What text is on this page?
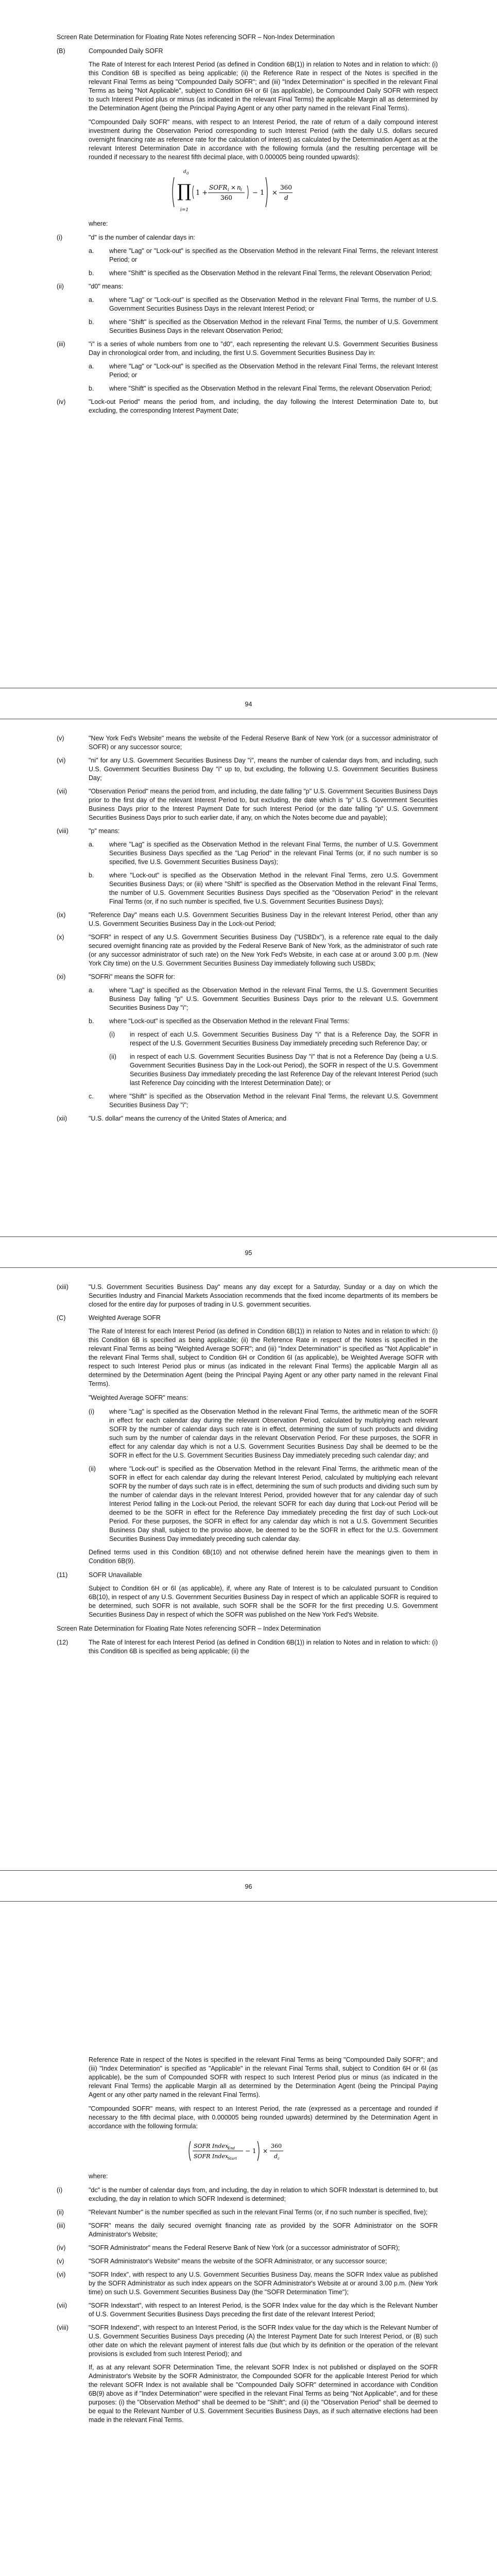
Screen Rate Determination for Floating Rate Notes referencing SOFR – Non-Index Determination

(B)	Compounded Daily SOFR

The Rate of Interest for each Interest Period (as defined in Condition 6B(1)) in relation to Notes and in relation to which: (i) this Condition 6B is specified as being applicable; (ii) the Reference Rate in respect of the Notes is specified in the relevant Final Terms as being "Compounded Daily SOFR"; and (iii) "Index Determination" is specified in the relevant Final Terms as being "Not Applicable", subject to Condition 6H or 6I (as applicable), be Compounded Daily SOFR with respect to such Interest Period plus or minus (as indicated in the relevant Final Terms) the applicable Margin all as determined by the Determination Agent (being the Principal Paying Agent or any other party named in the relevant Final Terms).

"Compounded Daily SOFR" means, with respect to an Interest Period, the rate of return of a daily compound interest investment during the Observation Period corresponding to such Interest Period (with the daily U.S. dollars secured overnight financing rate as reference rate for the calculation of interest) as calculated by the Determination Agent as at the relevant Interest Determination Date in accordance with the following formula (and the resulting percentage will be rounded if necessary to the nearest fifth decimal place, with 0.000005 being rounded upwards):

d 0
∏
i=1
1 +
SOFR i × n i
360
− 1 ×
360
d

where:

(i)	"d" is the number of calendar days in:
a.	where "Lag" or "Lock-out" is specified as the Observation Method in the relevant Final Terms, the relevant Interest Period; or
b.	where "Shift" is specified as the Observation Method in the relevant Final Terms, the relevant Observation Period;
(ii)	"d0" means:
a.	where "Lag" or "Lock-out" is specified as the Observation Method in the relevant Final Terms, the number of U.S. Government Securities Business Days in the relevant Interest Period; or
b.	where "Shift" is specified as the Observation Method in the relevant Final Terms, the number of U.S. Government Securities Business Days in the relevant Observation Period;
(iii)	"i" is a series of whole numbers from one to "d0", each representing the relevant U.S. Government Securities Business Day in chronological order from, and including, the first U.S. Government Securities Business Day in:
a.	where "Lag" or "Lock-out" is specified as the Observation Method in the relevant Final Terms, the relevant Interest Period; or
b.	where "Shift" is specified as the Observation Method in the relevant Final Terms, the relevant Observation Period;
(iv)	"Lock-out Period" means the period from, and including, the day following the Interest Determination Date to, but excluding, the corresponding Interest Payment Date;
94
(v)	"New York Fed's Website" means the website of the Federal Reserve Bank of New York (or a successor administrator of SOFR) or any successor source;
(vi)	"ni" for any U.S. Government Securities Business Day "i", means the number of calendar days from, and including, such U.S. Government Securities Business Day "i" up to, but excluding, the following U.S. Government Securities Business Day;
(vii)	"Observation Period" means the period from, and including, the date falling "p" U.S. Government Securities Business Days prior to the first day of the relevant Interest Period to, but excluding, the date which is "p" U.S. Government Securities Business Days prior to the Interest Payment Date for such Interest Period (or the date falling "p" U.S. Government Securities Business Days prior to such earlier date, if any, on which the Notes become due and payable);
(viii)	"p" means:
a.	where "Lag" is specified as the Observation Method in the relevant Final Terms, the number of U.S. Government Securities Business Days specified as the "Lag Period" in the relevant Final Terms (or, if no such number is so specified, five U.S. Government Securities Business Days);
b.	where "Lock-out" is specified as the Observation Method in the relevant Final Terms, zero U.S. Government Securities Business Days; or (iii) where "Shift" is specified as the Observation Method in the relevant Final Terms, the number of U.S. Government Securities Business Days specified as the "Observation Period" in the relevant Final Terms (or, if no such number is specified, five U.S. Government Securities Business Days);
(ix)	"Reference Day" means each U.S. Government Securities Business Day in the relevant Interest Period, other than any U.S. Government Securities Business Day in the Lock-out Period;
(x)	"SOFR" in respect of any U.S. Government Securities Business Day ("USBDx"), is a reference rate equal to the daily secured overnight financing rate as provided by the Federal Reserve Bank of New York, as the administrator of such rate (or any successor administrator of such rate) on the New York Fed's Website, in each case at or around 3.00 p.m. (New York City time) on the U.S. Government Securities Business Day immediately following such USBDx;
(xi)	"SOFRi" means the SOFR for:
a.	where "Lag" is specified as the Observation Method in the relevant Final Terms, the U.S. Government Securities Business Day falling "p" U.S. Government Securities Business Days prior to the relevant U.S. Government Securities Business Day "i";
b.	where "Lock-out" is specified as the Observation Method in the relevant Final Terms:
(i)	in respect of each U.S. Government Securities Business Day "i" that is a Reference Day, the SOFR in respect of the U.S. Government Securities Business Day immediately preceding such Reference Day; or
(ii)	in respect of each U.S. Government Securities Business Day "i" that is not a Reference Day (being a U.S. Government Securities Business Day in the Lock-out Period), the SOFR in respect of the U.S. Government Securities Business Day immediately preceding the last Reference Day of the relevant Interest Period (such last Reference Day coinciding with the Interest Determination Date); or
c.	where "Shift" is specified as the Observation Method in the relevant Final Terms, the relevant U.S. Government Securities Business Day "i";
(xii)	"U.S. dollar" means the currency of the United States of America; and
95
(xiii)	"U.S. Government Securities Business Day" means any day except for a Saturday, Sunday or a day on which the Securities Industry and Financial Markets Association recommends that the fixed income departments of its members be closed for the entire day for purposes of trading in U.S. government securities.
(C)	Weighted Average SOFR

The Rate of Interest for each Interest Period (as defined in Condition 6B(1)) in relation to Notes and in relation to which: (i) this Condition 6B is specified as being applicable; (ii) the Reference Rate in respect of the Notes is specified in the relevant Final Terms as being "Weighted Average SOFR"; and (iii) "Index Determination" is specified as "Not Applicable" in the relevant Final Terms shall, subject to Condition 6H or Condition 6I (as applicable), be Weighted Average SOFR with respect to such Interest Period plus or minus (as indicated in the relevant Final Terms) the applicable Margin all as determined by the Determination Agent (being the Principal Paying Agent or any other party named in the relevant Final Terms).

"Weighted Average SOFR" means:

(i)	where "Lag" is specified as the Observation Method in the relevant Final Terms, the arithmetic mean of the SOFR in effect for each calendar day during the relevant Observation Period, calculated by multiplying each relevant SOFR by the number of calendar days such rate is in effect, determining the sum of such products and dividing such sum by the number of calendar days in the relevant Observation Period. For these purposes, the SOFR in effect for any calendar day which is not a U.S. Government Securities Business Day shall be deemed to be the SOFR in effect for the U.S. Government Securities Business Day immediately preceding such calendar day; and
(ii)	where "Lock-out" is specified as the Observation Method in the relevant Final Terms, the arithmetic mean of the SOFR in effect for each calendar day during the relevant Interest Period, calculated by multiplying each relevant SOFR by the number of days such rate is in effect, determining the sum of such products and dividing such sum by the number of calendar days in the relevant Interest Period, provided however that for any calendar day of such Interest Period falling in the Lock-out Period, the relevant SOFR for each day during that Lock-out Period will be deemed to be the SOFR in effect for the Reference Day immediately preceding the first day of such Lock-out Period. For these purposes, the SOFR in effect for any calendar day which is not a U.S. Government Securities Business Day shall, subject to the proviso above, be deemed to be the SOFR in effect for the U.S. Government Securities Business Day immediately preceding such calendar day.

Defined terms used in this Condition 6B(10) and not otherwise defined herein have the meanings given to them in Condition 6B(9).

(11)	SOFR Unavailable

Subject to Condition 6H or 6I (as applicable), if, where any Rate of Interest is to be calculated pursuant to Condition 6B(10), in respect of any U.S. Government Securities Business Day in respect of which an applicable SOFR is required to be determined, such SOFR is not available, such SOFR shall be the SOFR for the first preceding U.S. Government Securities Business Day in respect of which the SOFR was published on the New York Fed's Website.

Screen Rate Determination for Floating Rate Notes referencing SOFR – Index Determination

(12)	The Rate of Interest for each Interest Period (as defined in Condition 6B(1)) in relation to Notes and in relation to which: (i) this Condition 6B is specified as being applicable; (ii) the
96

Reference Rate in respect of the Notes is specified in the relevant Final Terms as being "Compounded Daily SOFR"; and (iii) "Index Determination" is specified as "Applicable" in the relevant Final Terms shall, subject to Condition 6H or 6I (as applicable), be the sum of Compounded SOFR with respect to such Interest Period plus or minus (as indicated in the relevant Final Terms) the applicable Margin all as determined by the Determination Agent (being the Principal Paying Agent or any other party named in the relevant Final Terms).

"Compounded SOFR" means, with respect to an Interest Period, the rate (expressed as a percentage and rounded if necessary to the fifth decimal place, with 0.000005 being rounded upwards) determined by the Determination Agent in accordance with the following formula:

SOFR Index
End
SOFR Index
Start
− 1 ×
360
d c

where:

(i)	"dc" is the number of calendar days from, and including, the day in relation to which SOFR Indexstart is determined to, but excluding, the day in relation to which SOFR Indexend is determined;
(ii)	"Relevant Number" is the number specified as such in the relevant Final Terms (or, if no such number is specified, five);
(iii)	"SOFR" means the daily secured overnight financing rate as provided by the SOFR Administrator on the SOFR Administrator's Website;
(iv)	"SOFR Administrator" means the Federal Reserve Bank of New York (or a successor administrator of SOFR);
(v)	"SOFR Administrator's Website" means the website of the SOFR Administrator, or any successor source;
(vi)	"SOFR Index", with respect to any U.S. Government Securities Business Day, means the SOFR Index value as published by the SOFR Administrator as such index appears on the SOFR Administrator's Website at or around 3.00 p.m. (New York time) on such U.S. Government Securities Business Day (the "SOFR Determination Time");
(vii)	"SOFR Indexstart", with respect to an Interest Period, is the SOFR Index value for the day which is the Relevant Number of U.S. Government Securities Business Days preceding the first date of the relevant Interest Period;
(viii)	"SOFR Indexend", with respect to an Interest Period, is the SOFR Index value for the day which is the Relevant Number of U.S. Government Securities Business Days preceding (A) the Interest Payment Date for such Interest Period, or (B) such other date on which the relevant payment of interest falls due (but which by its definition or the operation of the relevant provisions is excluded from such Interest Period); and

If, as at any relevant SOFR Determination Time, the relevant SOFR Index is not published or displayed on the SOFR Administrator's Website by the SOFR Administrator, the Compounded SOFR for the applicable Interest Period for which the relevant SOFR Index is not available shall be "Compounded Daily SOFR" determined in accordance with Condition 6B(9) above as if "Index Determination" were specified in the relevant Final Terms as being "Not Applicable", and for these purposes: (i) the "Observation Method" shall be deemed to be "Shift"; and (ii) the "Observation Period" shall be deemed to be equal to the Relevant Number of U.S. Government Securities Business Days, as if such alternative elections had been made in the relevant Final Terms.
